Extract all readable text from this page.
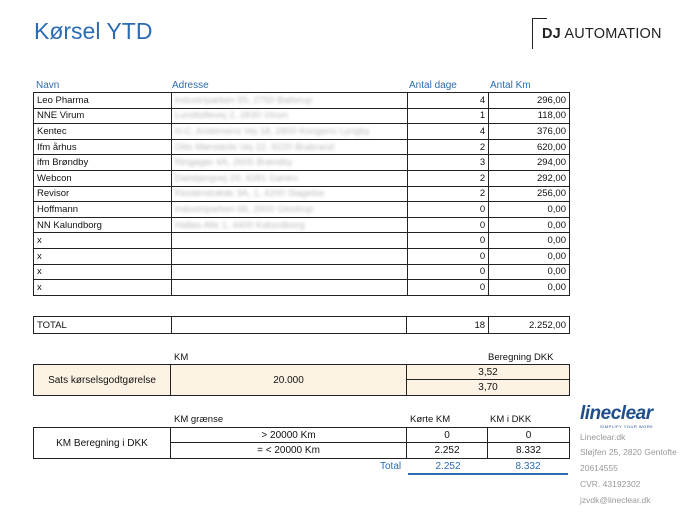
Kørsel YTD	DJ AUTOMATION
Navn	Adresse	Antal dage	Antal Km
Leo Pharma	Industriparken 55, 2750 Ballerup	4	296,00
NNE Virum	Lundtoftevej 2, 2830 Virum	1	118,00
Kentec	H.C. Andersens Vej 18, 2800 Kongens Lyngby	4	376,00
Ifm århus	Otto Mønsteds Vej 22, 8220 Brabrand	2	620,00
ifm Brøndby	Ringager 4A, 2605 Brøndby	3	294,00
Webcon	Dalsbjergvej 29, 4281 Gørlev	2	292,00
Revisor	Klosterstræde 3A, 1, 4200 Slagelse	2	256,00
Hoffmann	Industriparken 66, 2600 Glostrup	0	0,00
NN Kalundborg	Hallas Alle 1, 4400 Kalundborg	0	0,00
x		0	0,00
x		0	0,00
x		0	0,00
x		0	0,00
TOTAL		18	2.252,00
KM	Beregning DKK
Sats kørselsgodtgørelse	20.000
3,52
3,70
KM grænse	Kørte KM	KM i DKK
KM Beregning i DKK
> 20000 Km	0	0
= < 20000 Km	2.252	8.332
Total	2.252	8.332
lineclear
SIMPLIFY YOUR WORK
Lineclear.dk
Sløjfen 25, 2820 Gentofte
20614555
CVR. 43192302
jzvdk@lineclear.dk
